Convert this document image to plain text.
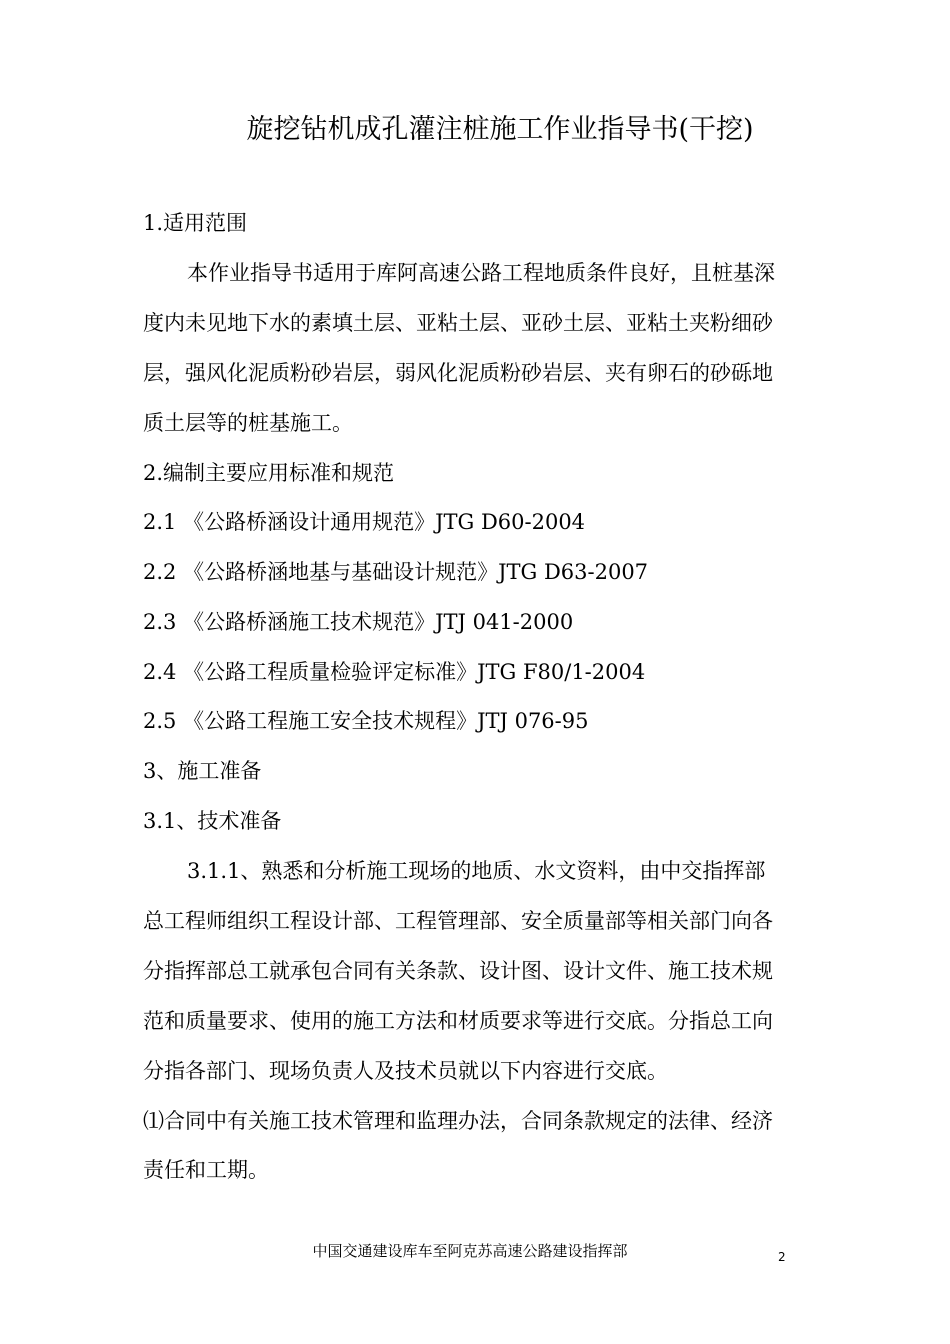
旋挖钻机成孔灌注桩施工作业指导书(干挖)
1.适用范围
本作业指导书适用于库阿高速公路工程地质条件良好，且桩基深
度内未见地下水的素填土层、亚粘土层、亚砂土层、亚粘土夹粉细砂
层，强风化泥质粉砂岩层，弱风化泥质粉砂岩层、夹有卵石的砂砾地
质土层等的桩基施工。
2.编制主要应用标准和规范
2.1 《公路桥涵设计通用规范》JTG D60-2004
2.2 《公路桥涵地基与基础设计规范》JTG D63-2007
2.3 《公路桥涵施工技术规范》JTJ 041-2000
2.4 《公路工程质量检验评定标准》JTG F80/1-2004
2.5 《公路工程施工安全技术规程》JTJ 076-95
3、施工准备
3.1、技术准备
3.1.1、熟悉和分析施工现场的地质、水文资料，由中交指挥部
总工程师组织工程设计部、工程管理部、安全质量部等相关部门向各
分指挥部总工就承包合同有关条款、设计图、设计文件、施工技术规
范和质量要求、使用的施工方法和材质要求等进行交底。分指总工向
分指各部门、现场负责人及技术员就以下内容进行交底。
⑴合同中有关施工技术管理和监理办法，合同条款规定的法律、经济
责任和工期。
中国交通建设库车至阿克苏高速公路建设指挥部	2
